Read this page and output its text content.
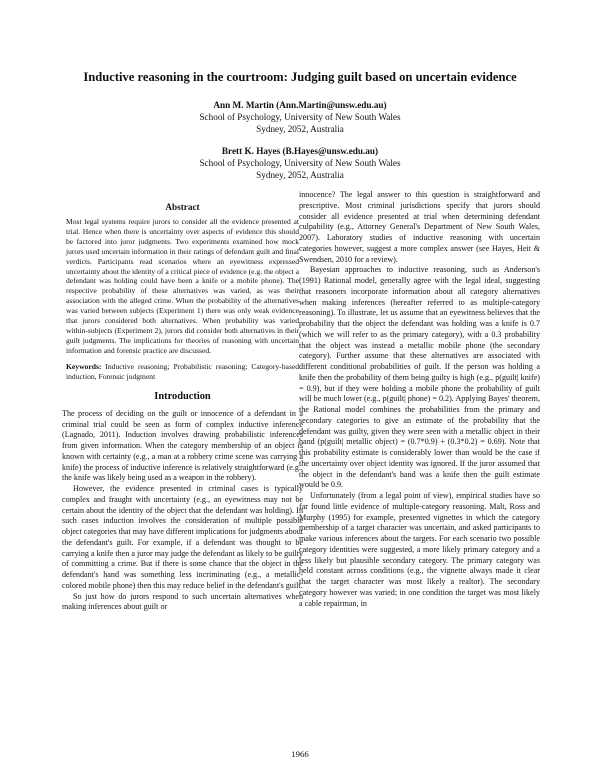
Inductive reasoning in the courtroom: Judging guilt based on uncertain evidence
Ann M. Martin (Ann.Martin@unsw.edu.au)
School of Psychology, University of New South Wales
Sydney, 2052, Australia
Brett K. Hayes (B.Hayes@unsw.edu.au)
School of Psychology, University of New South Wales
Sydney, 2052, Australia
Abstract

Most legal systems require jurors to consider all the evidence presented at trial. Hence when there is uncertainty over aspects of evidence this should be factored into juror judgments. Two experiments examined how mock jurors used uncertain information in their ratings of defendant guilt and final verdicts. Participants read scenarios where an eyewitness expressed uncertainty about the identity of a critical piece of evidence (e.g. the object a defendant was holding could have been a knife or a mobile phone). The respective probability of these alternatives was varied, as was their association with the alleged crime. When the probability of the alternatives was varied between subjects (Experiment 1) there was only weak evidence that jurors considered both alternatives. When probability was varied within-subjects (Experiment 2), jurors did consider both alternatives in their guilt judgments. The implications for theories of reasoning with uncertain information and forensic practice are discussed.

Keywords: Inductive reasoning; Probabilistic reasoning; Category-based induction, Forensic judgment
Introduction

The process of deciding on the guilt or innocence of a defendant in a criminal trial could be seen as form of complex inductive inference (Lagnado, 2011). Induction involves drawing probabilistic inferences from given information. When the category membership of an object is known with certainty (e.g., a man at a robbery crime scene was carrying a knife) the process of inductive inference is relatively straightforward (e.g., the knife was likely being used as a weapon in the robbery).

However, the evidence presented in criminal cases is typically complex and fraught with uncertainty (e.g., an eyewitness may not be certain about the identity of the object that the defendant was holding). In such cases induction involves the consideration of multiple possible object categories that may have different implications for judgments about the defendant's guilt. For example, if a defendant was thought to be carrying a knife then a juror may judge the defendant as likely to be guilty of committing a crime. But if there is some chance that the object in the defendant's hand was something less incriminating (e.g., a metallic-colored mobile phone) then this may reduce belief in the defendant's guilt.

So just how do jurors respond to such uncertain alternatives when making inferences about guilt or

innocence? The legal answer to this question is straightforward and prescriptive. Most criminal jurisdictions specify that jurors should consider all evidence presented at trial when determining defendant culpability (e.g., Attorney General's Department of New South Wales, 2007). Laboratory studies of inductive reasoning with uncertain categories however, suggest a more complex answer (see Hayes, Heit & Swendsen, 2010 for a review).

Bayesian approaches to inductive reasoning, such as Anderson's (1991) Rational model, generally agree with the legal ideal, suggesting that reasoners incorporate information about all category alternatives when making inferences (hereafter referred to as multiple-category reasoning). To illustrate, let us assume that an eyewitness believes that the probability that the object the defendant was holding was a knife is 0.7 (which we will refer to as the primary category), with a 0.3 probability that the object was instead a metallic mobile phone (the secondary category). Further assume that these alternatives are associated with different conditional probabilities of guilt. If the person was holding a knife then the probability of them being guilty is high (e.g., p(guilt| knife) = 0.9), but if they were holding a mobile phone the probability of guilt will be much lower (e.g., p(guilt| phone) = 0.2). Applying Bayes' theorem, the Rational model combines the probabilities from the primary and secondary categories to give an estimate of the probability that the defendant was guilty, given they were seen with a metallic object in their hand (p(guilt| metallic object) = (0.7*0.9) + (0.3*0.2) = 0.69). Note that this probability estimate is considerably lower than would be the case if the uncertainty over object identity was ignored. If the juror assumed that the object in the defendant's hand was a knife then the guilt estimate would be 0.9.

Unfortunately (from a legal point of view), empirical studies have so far found little evidence of multiple-category reasoning. Malt, Ross and Murphy (1995) for example, presented vignettes in which the category membership of a target character was uncertain, and asked participants to make various inferences about the targets. For each scenario two possible category identities were suggested, a more likely primary category and a less likely but plausible secondary category. The primary category was held constant across conditions (e.g., the vignette always made it clear that the target character was most likely a realtor). The secondary category however was varied; in one condition the target was most likely a cable repairman, in

1966
